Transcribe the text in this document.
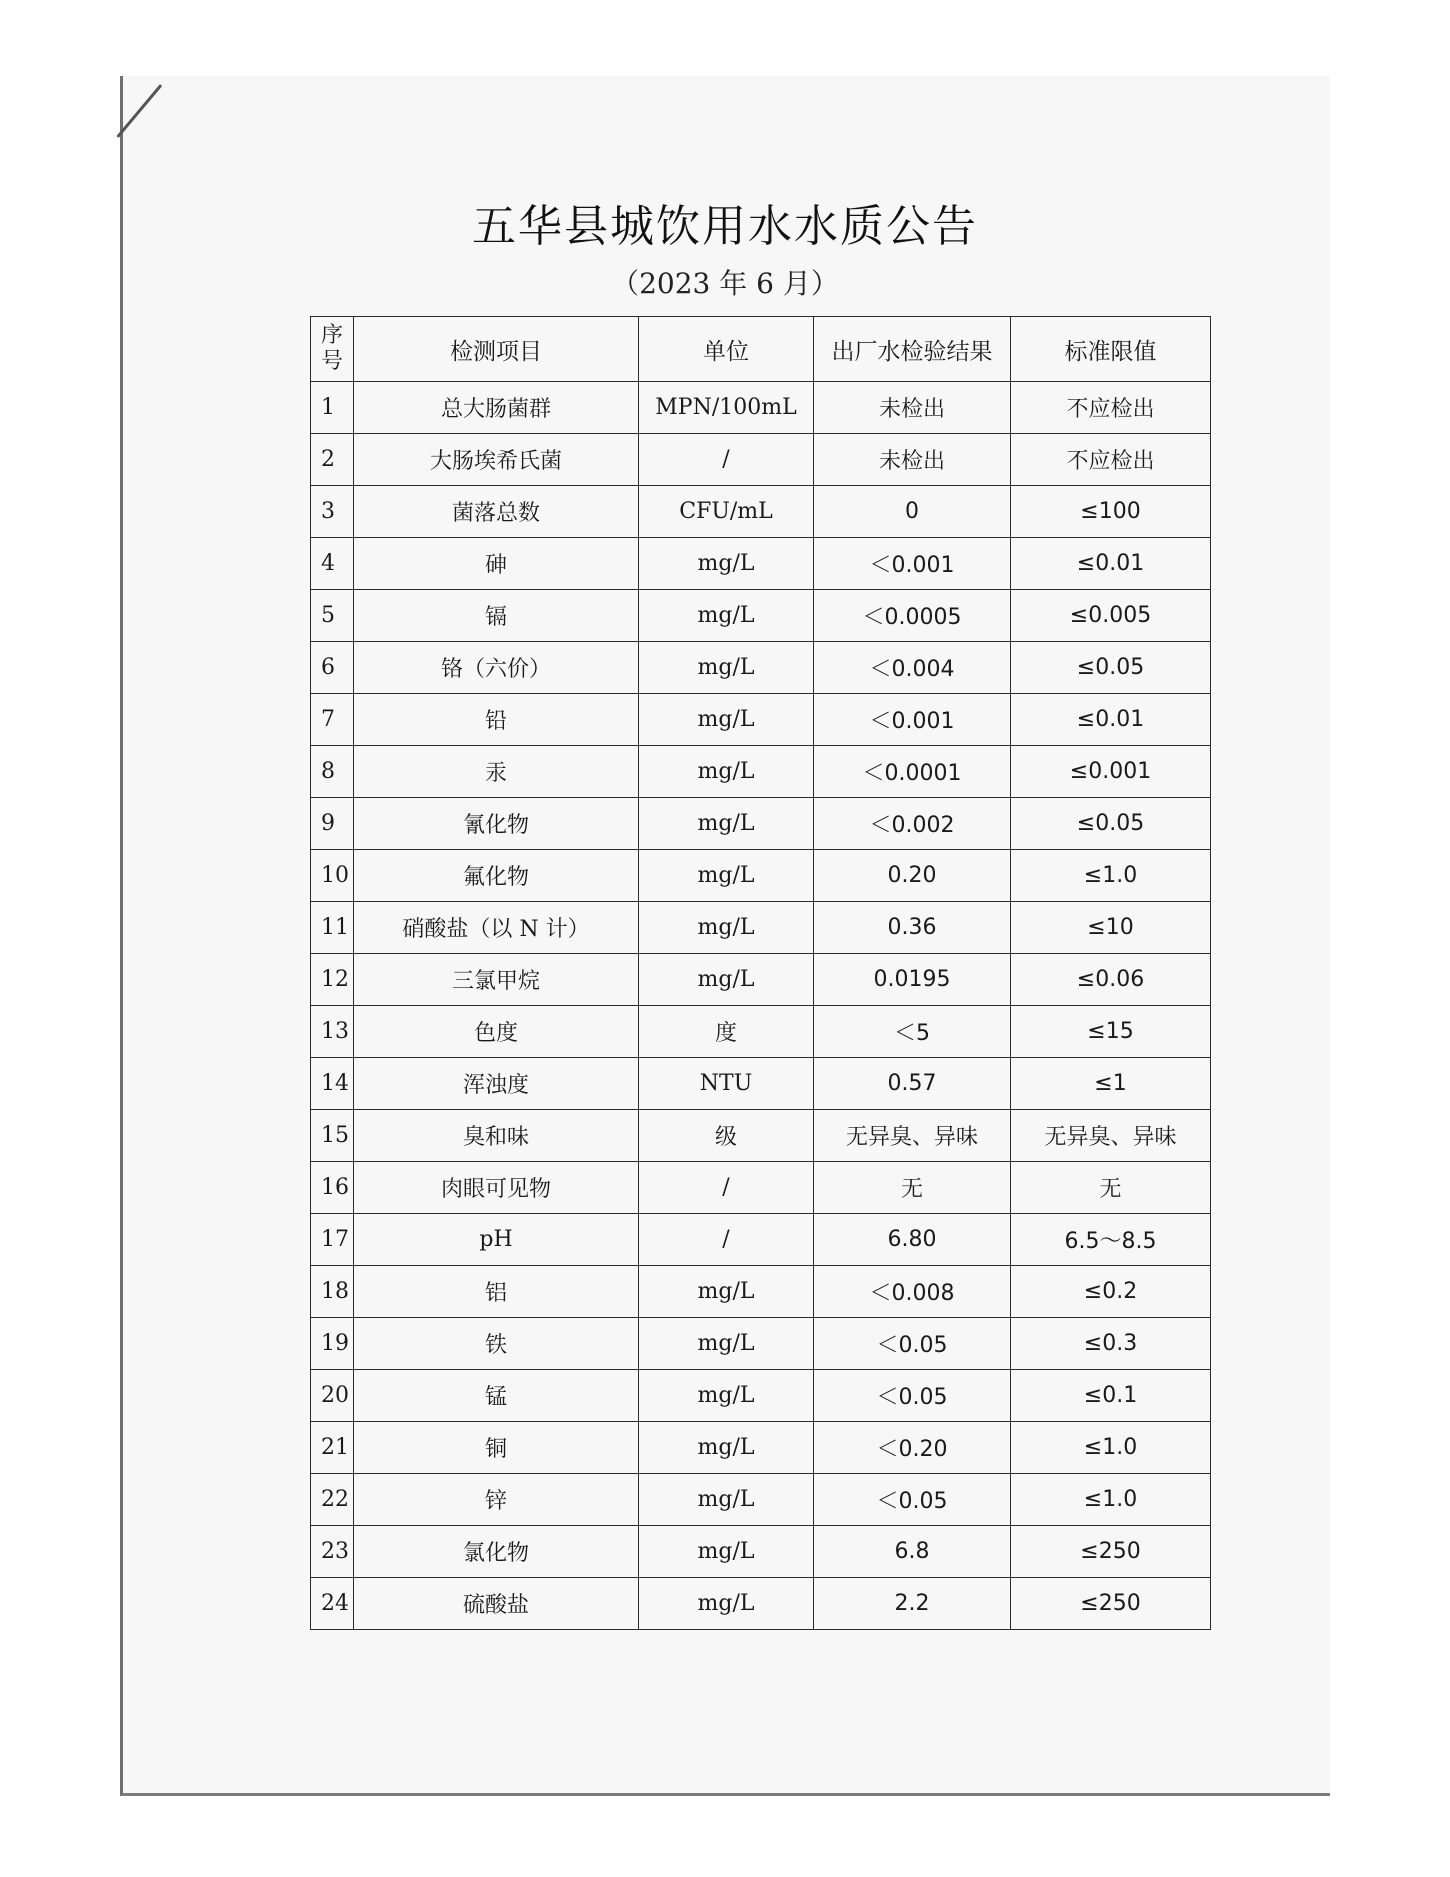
五华县城饮用水水质公告
（2023 年 6 月）
序号	检测项目	单位	出厂水检验结果	标准限值
1	总大肠菌群	MPN/100mL	未检出	不应检出
2	大肠埃希氏菌	/	未检出	不应检出
3	菌落总数	CFU/mL	0	≤100
4	砷	mg/L	＜0.001	≤0.01
5	镉	mg/L	＜0.0005	≤0.005
6	铬（六价）	mg/L	＜0.004	≤0.05
7	铅	mg/L	＜0.001	≤0.01
8	汞	mg/L	＜0.0001	≤0.001
9	氰化物	mg/L	＜0.002	≤0.05
10	氟化物	mg/L	0.20	≤1.0
11	硝酸盐（以 N 计）	mg/L	0.36	≤10
12	三氯甲烷	mg/L	0.0195	≤0.06
13	色度	度	＜5	≤15
14	浑浊度	NTU	0.57	≤1
15	臭和味	级	无异臭、异味	无异臭、异味
16	肉眼可见物	/	无	无
17	pH	/	6.80	6.5～8.5
18	铝	mg/L	＜0.008	≤0.2
19	铁	mg/L	＜0.05	≤0.3
20	锰	mg/L	＜0.05	≤0.1
21	铜	mg/L	＜0.20	≤1.0
22	锌	mg/L	＜0.05	≤1.0
23	氯化物	mg/L	6.8	≤250
24	硫酸盐	mg/L	2.2	≤250
